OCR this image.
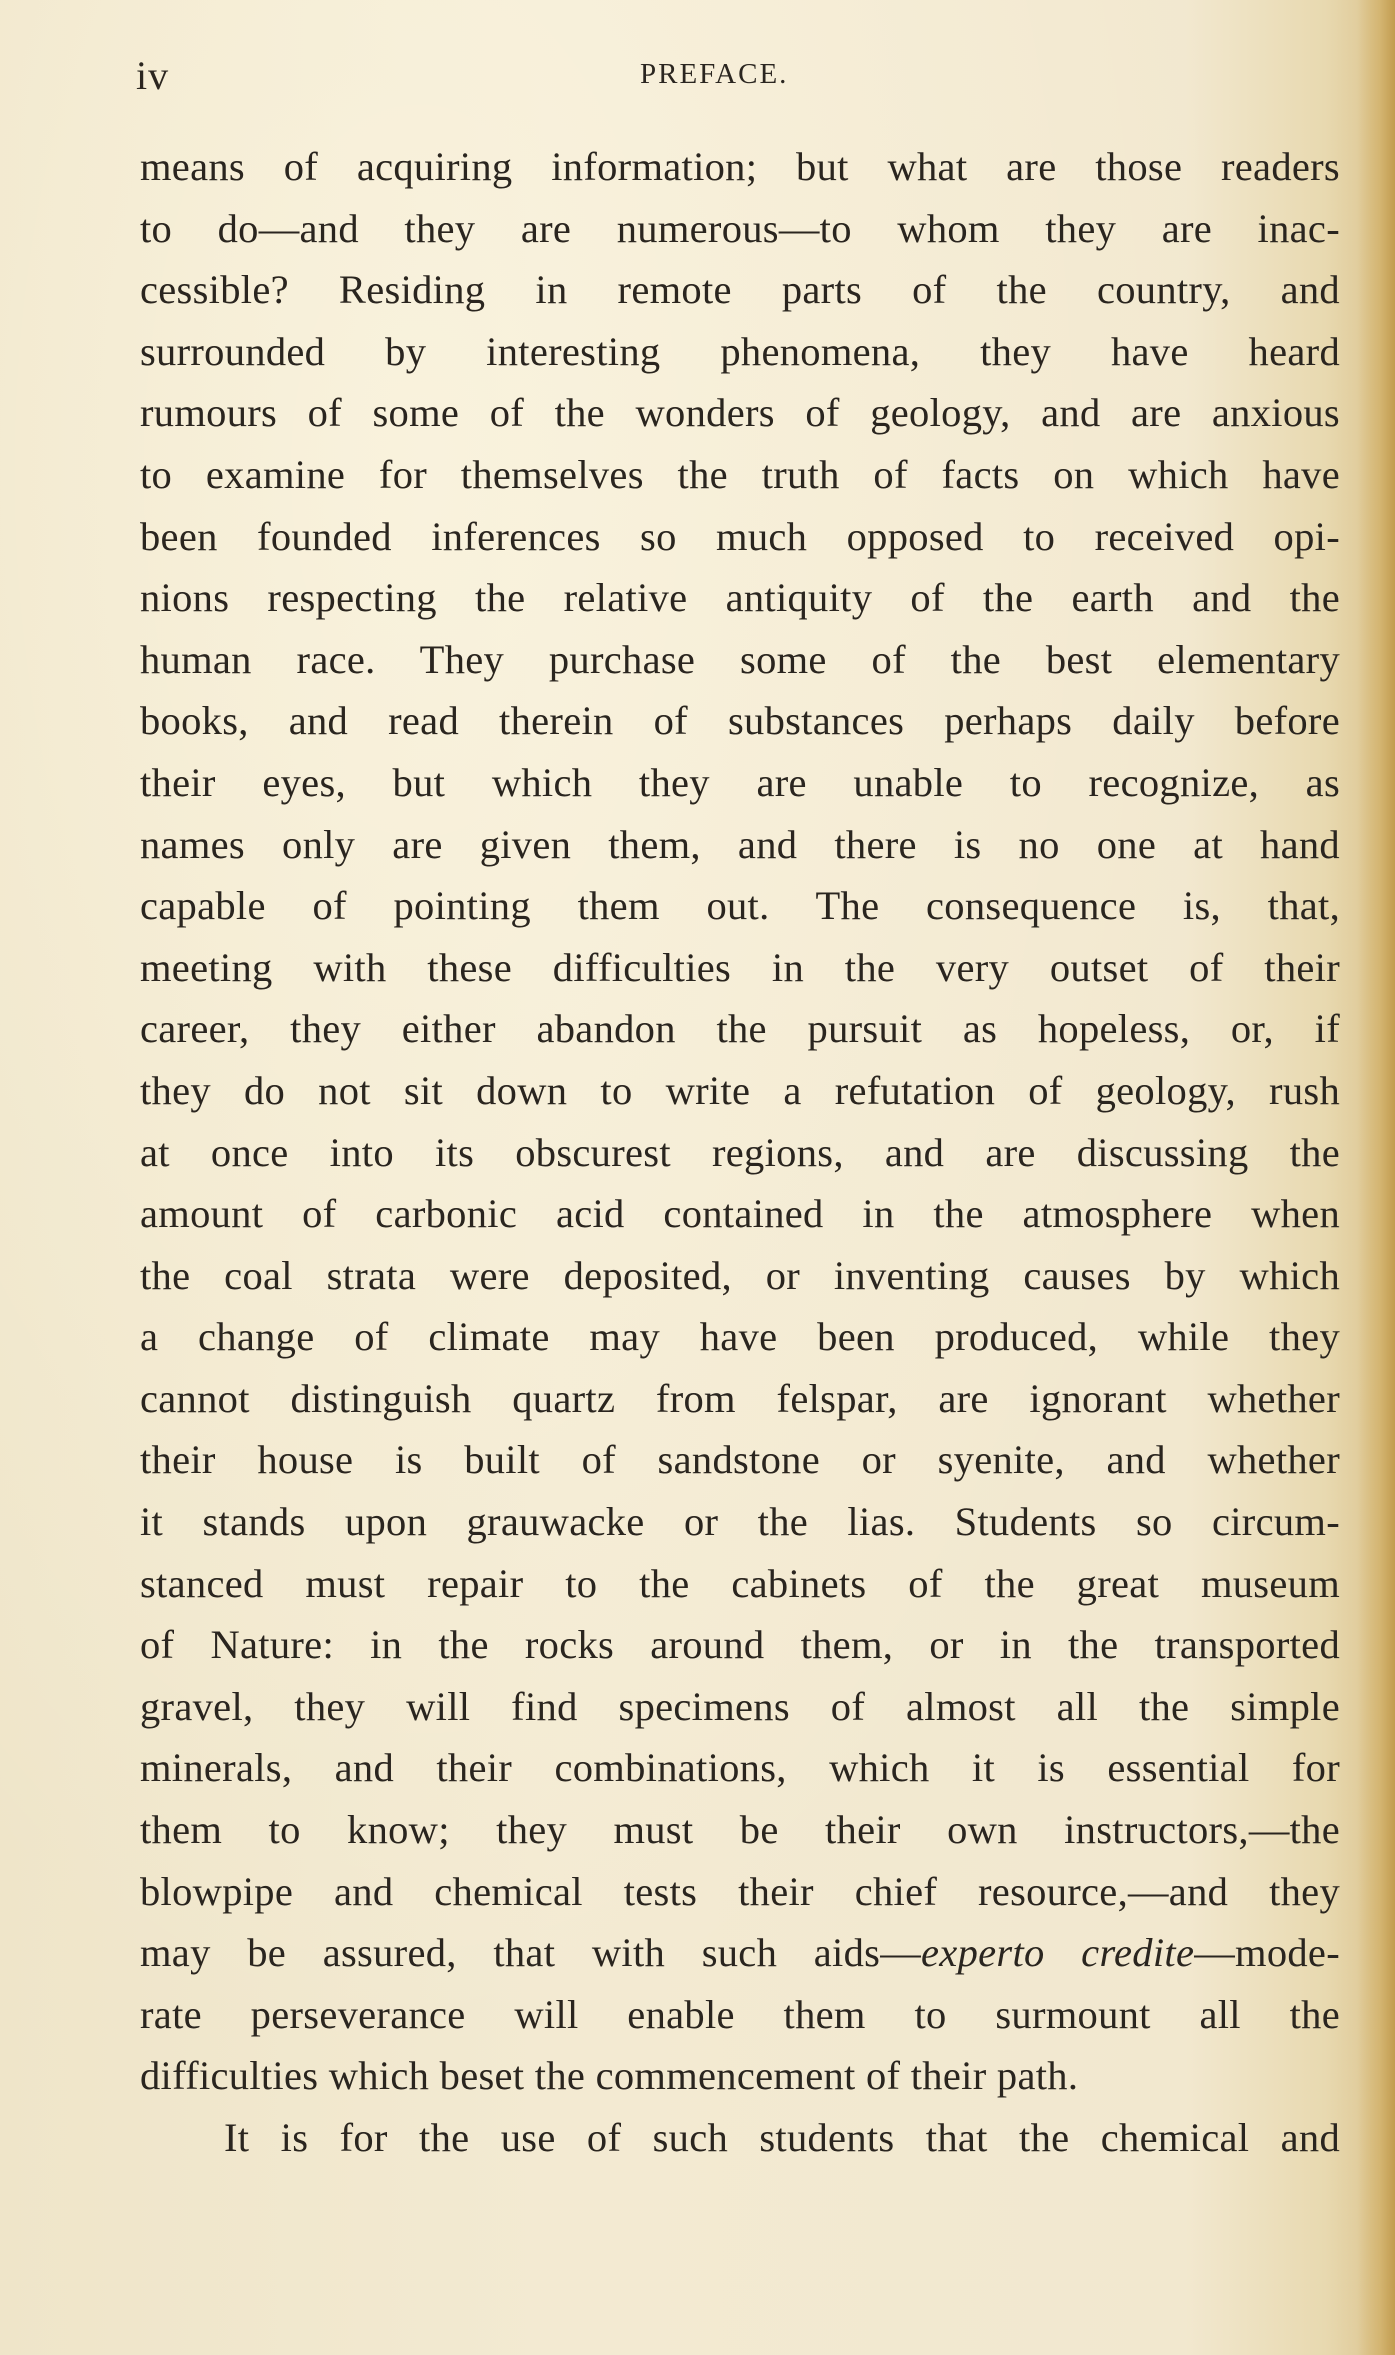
iv	PREFACE.
means of acquiring information; but what are those readers
to do—and they are numerous—to whom they are inac-
cessible? Residing in remote parts of the country, and
surrounded by interesting phenomena, they have heard
rumours of some of the wonders of geology, and are anxious
to examine for themselves the truth of facts on which have
been founded inferences so much opposed to received opi-
nions respecting the relative antiquity of the earth and the
human race. They purchase some of the best elementary
books, and read therein of substances perhaps daily before
their eyes, but which they are unable to recognize, as
names only are given them, and there is no one at hand
capable of pointing them out. The consequence is, that,
meeting with these difficulties in the very outset of their
career, they either abandon the pursuit as hopeless, or, if
they do not sit down to write a refutation of geology, rush
at once into its obscurest regions, and are discussing the
amount of carbonic acid contained in the atmosphere when
the coal strata were deposited, or inventing causes by which
a change of climate may have been produced, while they
cannot distinguish quartz from felspar, are ignorant whether
their house is built of sandstone or syenite, and whether
it stands upon grauwacke or the lias. Students so circum-
stanced must repair to the cabinets of the great museum
of Nature: in the rocks around them, or in the transported
gravel, they will find specimens of almost all the simple
minerals, and their combinations, which it is essential for
them to know; they must be their own instructors,—the
blowpipe and chemical tests their chief resource,—and they
may be assured, that with such aids—experto credite—mode-
rate perseverance will enable them to surmount all the
difficulties which beset the commencement of their path.
It is for the use of such students that the chemical and
